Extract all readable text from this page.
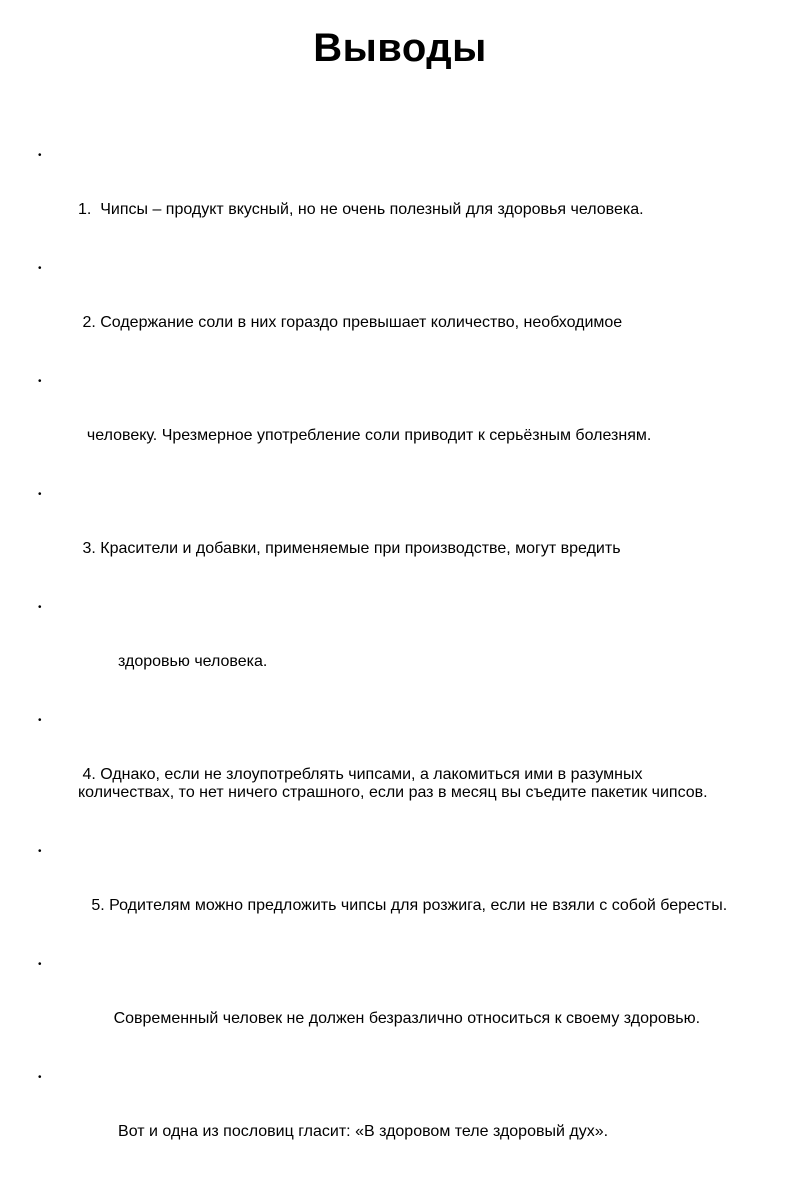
Выводы

•

1.  Чипсы – продукт вкусный, но не очень полезный для здоровья человека.

•

2. Содержание соли в них гораздо превышает количество, необходимое

•

человеку. Чрезмерное употребление соли приводит к серьёзным болезням.

•

3. Красители и добавки, применяемые при производстве, могут вредить

•

здоровью человека.

•

4. Однако, если не злоупотреблять чипсами, а лакомиться ими в разумных  количествах, то нет ничего страшного, если раз в месяц вы съедите пакетик чипсов.

•

5. Родителям можно предложить чипсы для розжига, если не взяли с собой бересты.

•

Современный человек не должен безразлично относиться к своему здоровью.

•

Вот и одна из пословиц гласит: «В здоровом теле здоровый дух».
